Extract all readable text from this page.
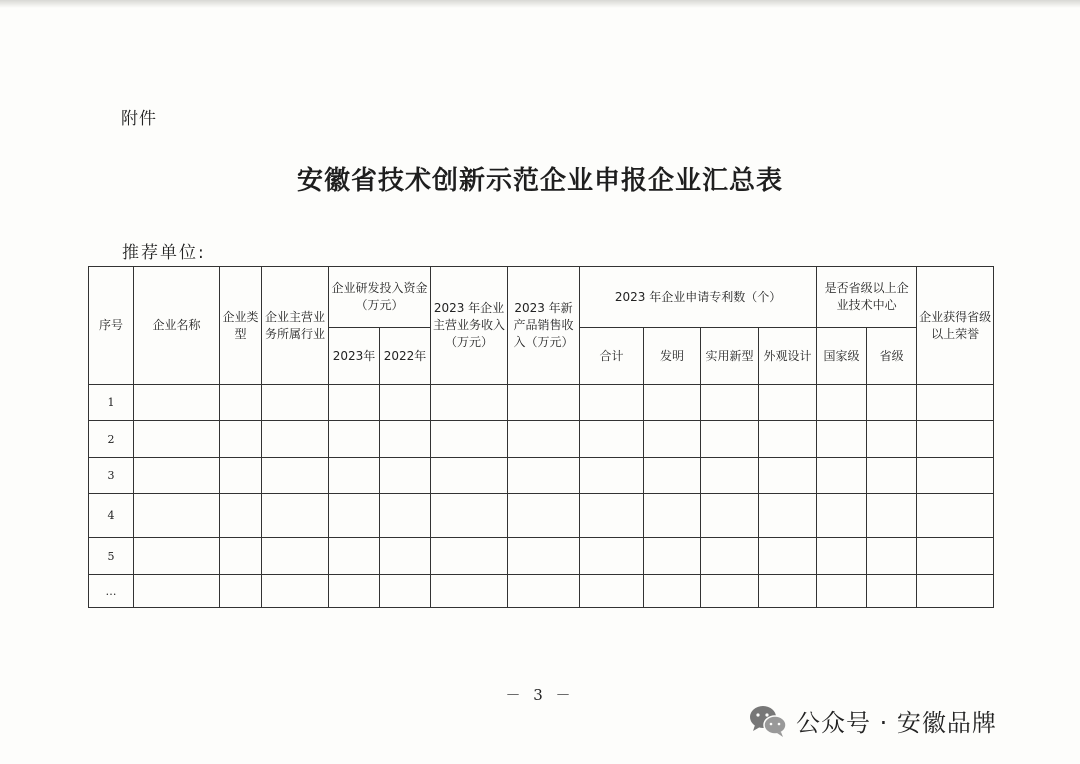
附件
安徽省技术创新示范企业申报企业汇总表
推荐单位:
序号	企业名称	企业类型	企业主营业务所属行业	企业研发投入资金（万元）		2023 年企业主营业务收入（万元）	2023 年新产品销售收入（万元）	2023 年企业申请专利数（个）				是否省级以上企业技术中心		企业获得省级以上荣誉
				2023年	2022年			合计	发明	实用新型	外观设计	国家级	省级	
1														
2														
3														
4														
5														
…														
－ 3 －
公众号 · 安徽品牌
